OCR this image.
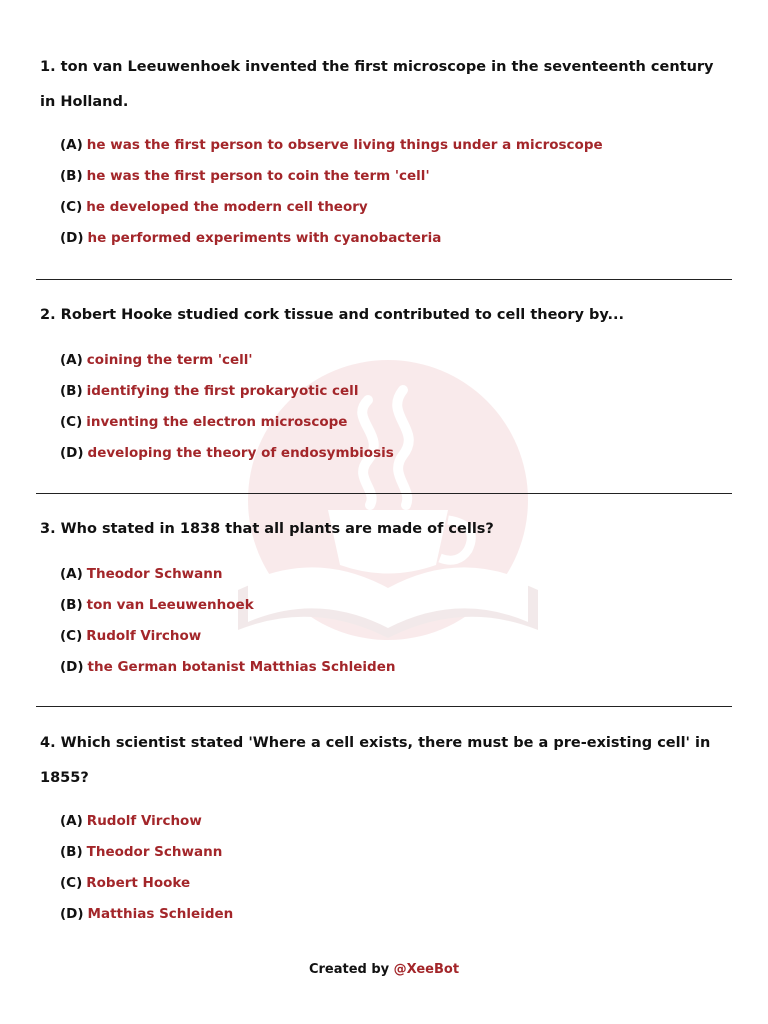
1. ton van Leeuwenhoek invented the first microscope in the seventeenth century in Holland.

(A) he was the first person to observe living things under a microscope
(B) he was the first person to coin the term 'cell'
(C) he developed the modern cell theory
(D) he performed experiments with cyanobacteria

2. Robert Hooke studied cork tissue and contributed to cell theory by...

(A) coining the term 'cell'
(B) identifying the first prokaryotic cell
(C) inventing the electron microscope
(D) developing the theory of endosymbiosis

3. Who stated in 1838 that all plants are made of cells?

(A) Theodor Schwann
(B) ton van Leeuwenhoek
(C) Rudolf Virchow
(D) the German botanist Matthias Schleiden

4. Which scientist stated 'Where a cell exists, there must be a pre-existing cell' in 1855?

(A) Rudolf Virchow
(B) Theodor Schwann
(C) Robert Hooke
(D) Matthias Schleiden
Created by @XeeBot
